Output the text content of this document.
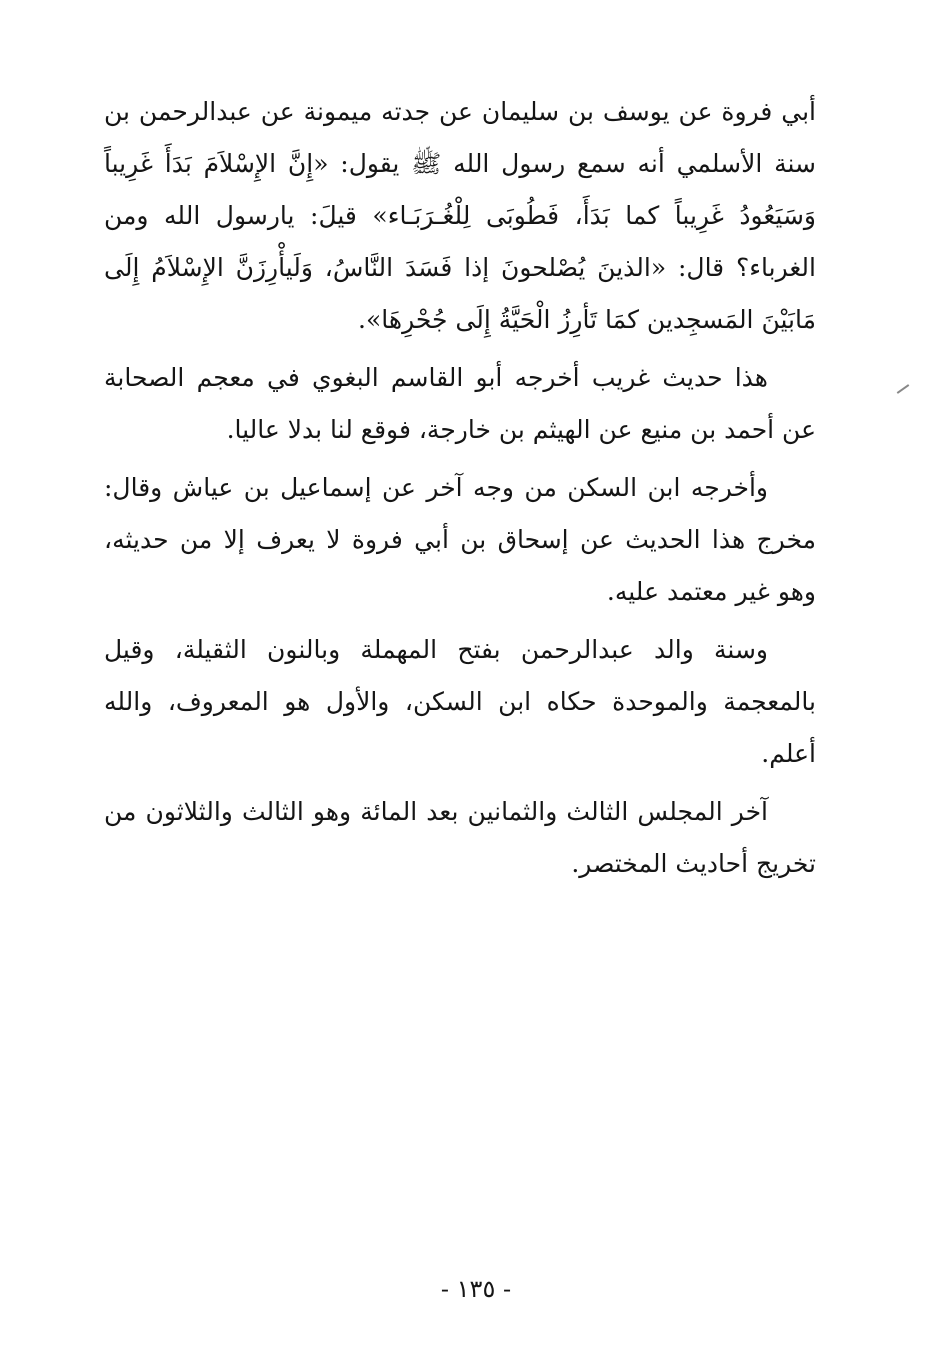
أبي فروة عن يوسف بن سليمان عن جدته ميمونة عن عبدالرحمن بن سنة الأسلمي أنه سمع رسول الله ﷺ يقول: «إِنَّ الإِسْلاَمَ بَدَأَ غَرِيباً وَسَيَعُودُ غَرِيباً كما بَدَأَ، فَطُوبَى لِلْغُـرَبَـاء» قيلَ: يارسول الله ومن الغرباء؟ قال: «الذينَ يُصْلحونَ إذا فَسَدَ النَّاسُ، وَلَيأْرِزَنَّ الإِسْلاَمُ إِلَى مَابَيْنَ المَسجِدين كمَا تَأرِزُ الْحَيَّةُ إِلَى جُحْرِهَا».

هذا حديث غريب أخرجه أبو القاسم البغوي في معجم الصحابة عن أحمد بن منيع عن الهيثم بن خارجة، فوقع لنا بدلا عاليا.

وأخرجه ابن السكن من وجه آخر عن إسماعيل بن عياش وقال: مخرج هذا الحديث عن إسحاق بن أبي فروة لا يعرف إلا من حديثه، وهو غير معتمد عليه.

وسنة والد عبدالرحمن بفتح المهملة وبالنون الثقيلة، وقيل بالمعجمة والموحدة حكاه ابن السكن، والأول هو المعروف، والله أعلم.

آخر المجلس الثالث والثمانين بعد المائة وهو الثالث والثلاثون من تخريج أحاديث المختصر.

- ١٣٥ -
